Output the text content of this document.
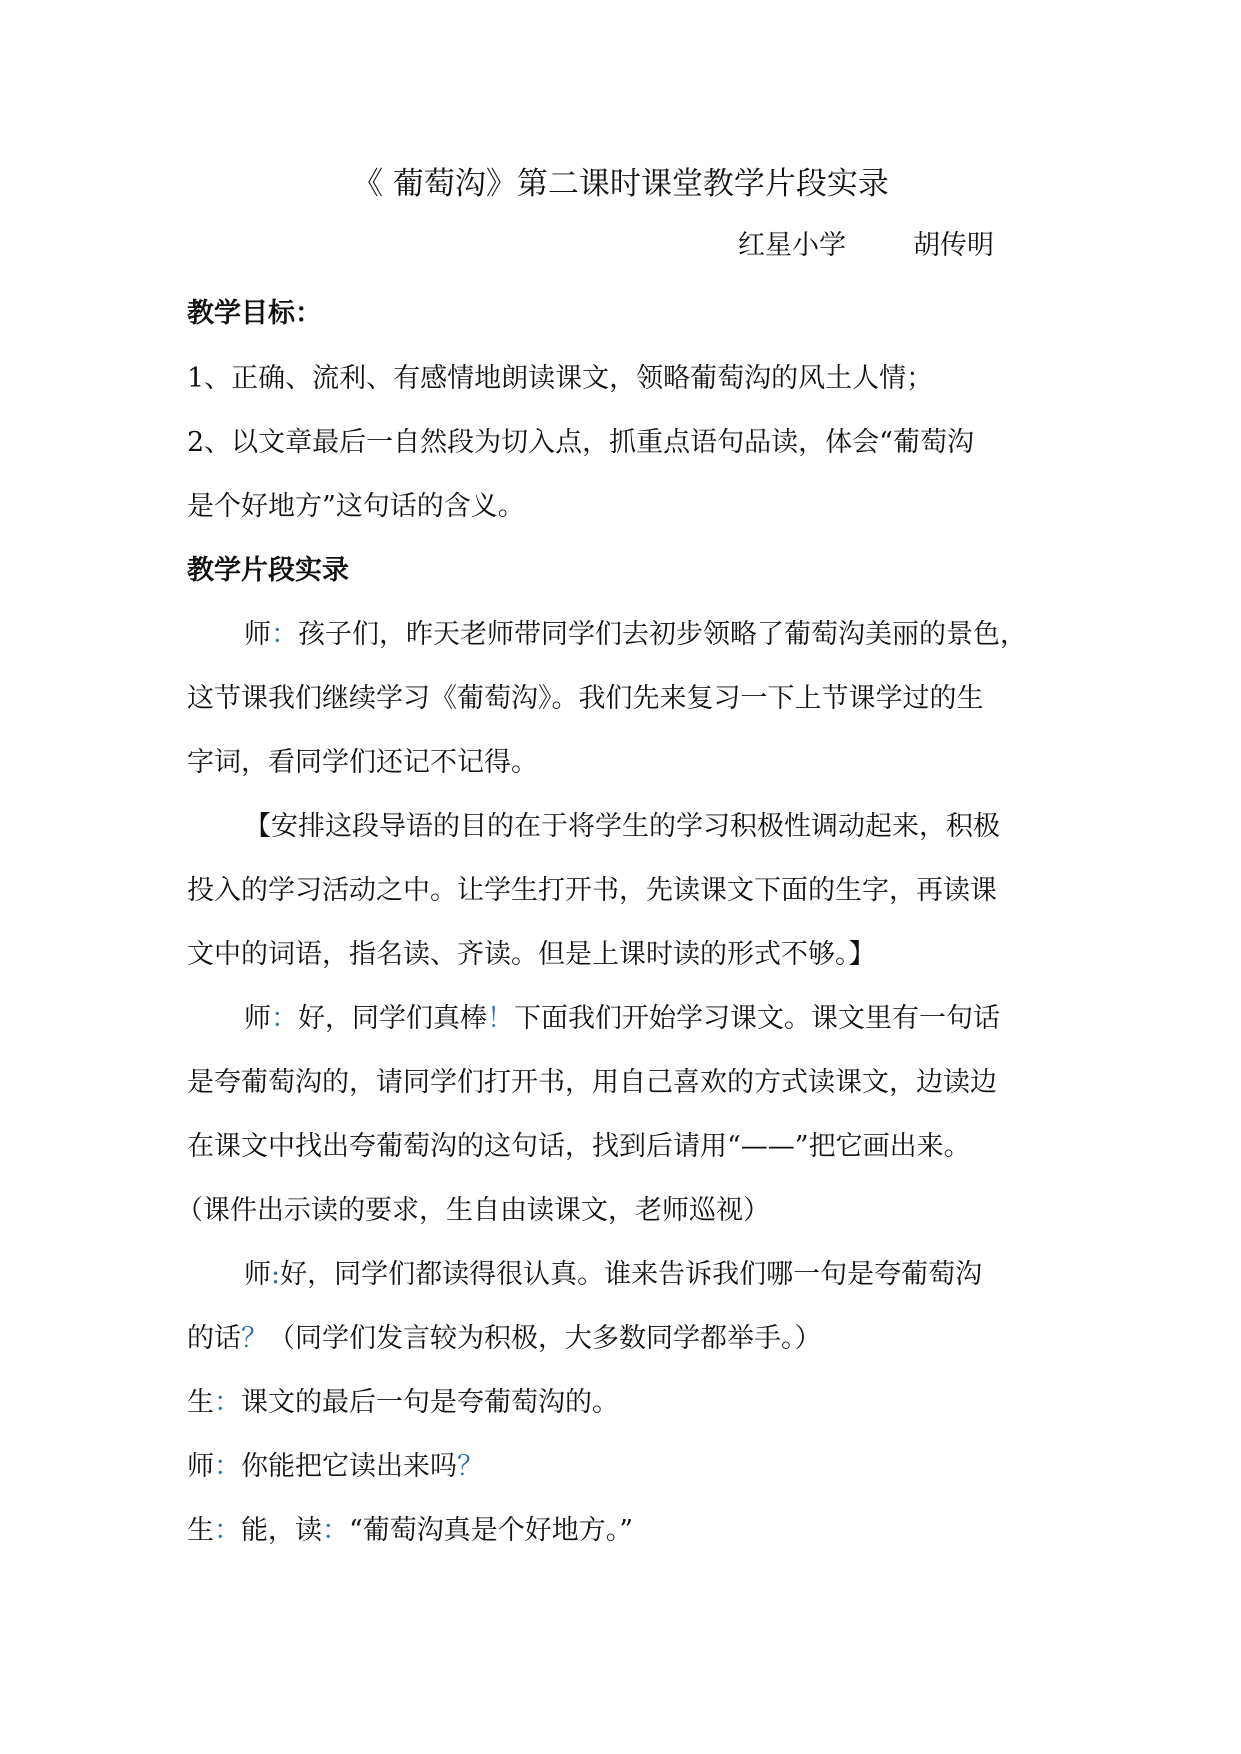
《 葡萄沟》第二课时课堂教学片段实录
红星小学 胡传明
教学目标：
1、正确、流利、有感情地朗读课文，领略葡萄沟的风土人情；
2、以文章最后一自然段为切入点，抓重点语句品读，体会“葡萄沟
是个好地方”这句话的含义。
教学片段实录
师：孩子们，昨天老师带同学们去初步领略了葡萄沟美丽的景色，
这节课我们继续学习《葡萄沟》。我们先来复习一下上节课学过的生
字词，看同学们还记不记得。
【安排这段导语的目的在于将学生的学习积极性调动起来，积极
投入的学习活动之中。让学生打开书，先读课文下面的生字，再读课
文中的词语，指名读、齐读。但是上课时读的形式不够。】
师：好，同学们真棒！下面我们开始学习课文。课文里有一句话
是夸葡萄沟的，请同学们打开书，用自己喜欢的方式读课文，边读边
在课文中找出夸葡萄沟的这句话，找到后请用“——”把它画出来。
（课件出示读的要求，生自由读课文，老师巡视）
师:好，同学们都读得很认真。谁来告诉我们哪一句是夸葡萄沟
的话？（同学们发言较为积极，大多数同学都举手。）
生：课文的最后一句是夸葡萄沟的。
师：你能把它读出来吗？
生：能，读：“葡萄沟真是个好地方。”
